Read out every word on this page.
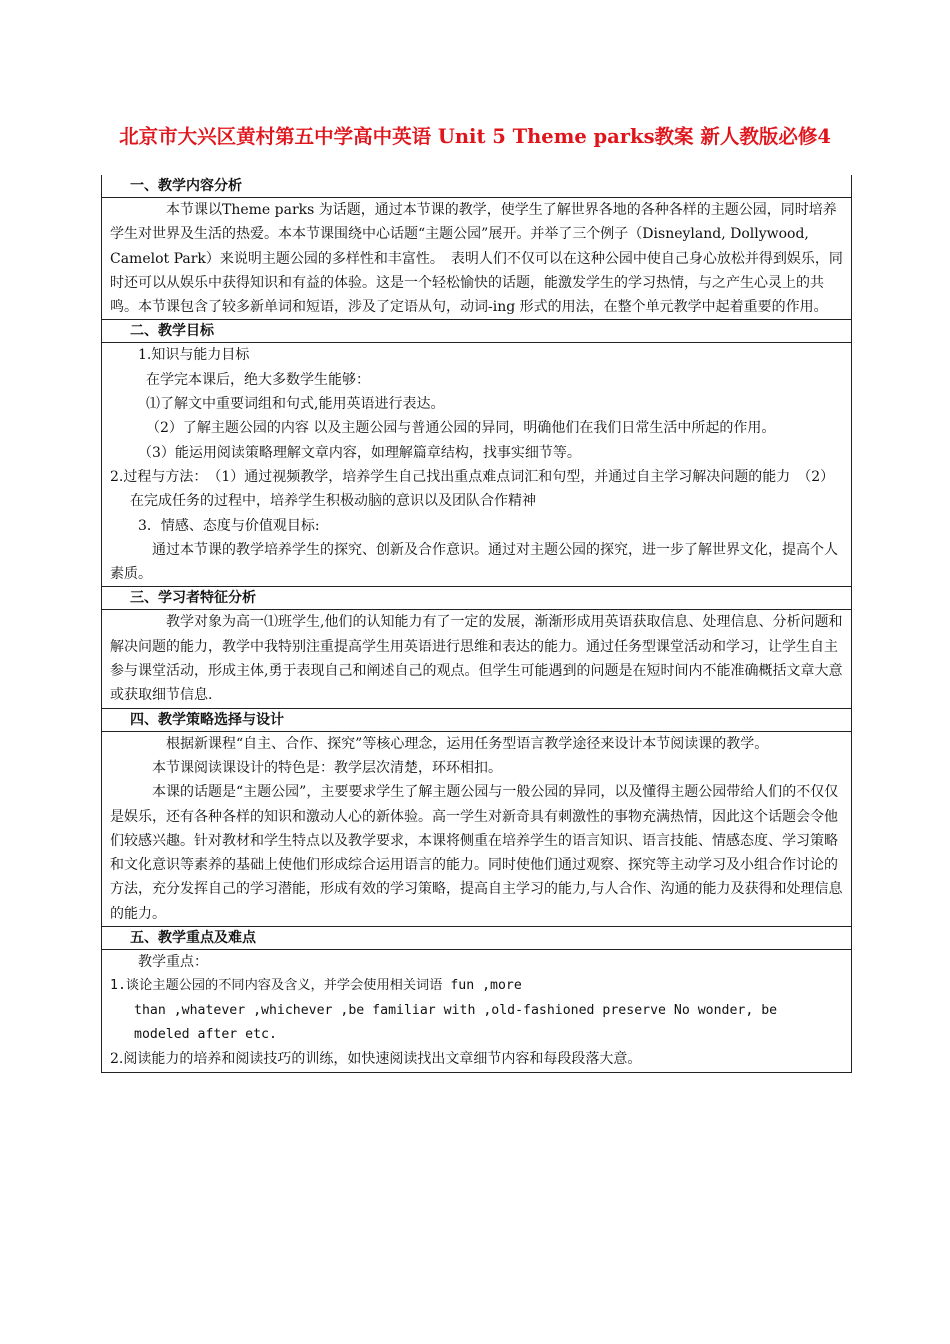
北京市大兴区黄村第五中学高中英语 Unit 5 Theme parks教案 新人教版必修4
一、教学内容分析

本节课以Theme parks 为话题，通过本节课的教学，使学生了解世界各地的各种各样的主题公园，同时培养学生对世界及生活的热爱。本本节课围绕中心话题“主题公园”展开。并举了三个例子（Disneyland, Dollywood, Camelot Park）来说明主题公园的多样性和丰富性。　表明人们不仅可以在这种公园中使自己身心放松并得到娱乐，同时还可以从娱乐中获得知识和有益的体验。这是一个轻松愉快的话题，能激发学生的学习热情，与之产生心灵上的共鸣。本节课包含了较多新单词和短语，涉及了定语从句，动词-ing 形式的用法，在整个单元教学中起着重要的作用。

二、教学目标

1.知识与能力目标

在学完本课后，绝大多数学生能够：

⑴了解文中重要词组和句式,能用英语进行表达。

（2）了解主题公园的内容 以及主题公园与普通公园的异同，明确他们在我们日常生活中所起的作用。

（3）能运用阅读策略理解文章内容，如理解篇章结构，找事实细节等。

2.过程与方法：　（1）通过视频教学，培养学生自己找出重点难点词汇和句型，并通过自主学习解决问题的能力　（2）在完成任务的过程中，培养学生积极动脑的意识以及团队合作精神

3．情感、态度与价值观目标:

通过本节课的教学培养学生的探究、创新及合作意识。通过对主题公园的探究，进一步了解世界文化，提高个人素质。

三、学习者特征分析

教学对象为高一⑴班学生,他们的认知能力有了一定的发展，渐渐形成用英语获取信息、处理信息、分析问题和解决问题的能力，教学中我特别注重提高学生用英语进行思维和表达的能力。通过任务型课堂活动和学习，让学生自主参与课堂活动，形成主体,勇于表现自己和阐述自己的观点。但学生可能遇到的问题是在短时间内不能准确概括文章大意或获取细节信息.

四、教学策略选择与设计

根据新课程“自主、合作、探究”等核心理念，运用任务型语言教学途径来设计本节阅读课的教学。

本节课阅读课设计的特色是：教学层次清楚，环环相扣。

本课的话题是“主题公园”，主要要求学生了解主题公园与一般公园的异同，以及懂得主题公园带给人们的不仅仅是娱乐，还有各种各样的知识和激动人心的新体验。高一学生对新奇具有刺激性的事物充满热情，因此这个话题会令他们较感兴趣。针对教材和学生特点以及教学要求，本课将侧重在培养学生的语言知识、语言技能、情感态度、学习策略和文化意识等素养的基础上使他们形成综合运用语言的能力。同时使他们通过观察、探究等主动学习及小组合作讨论的方法，充分发挥自己的学习潜能，形成有效的学习策略，提高自主学习的能力,与人合作、沟通的能力及获得和处理信息的能力。

五、教学重点及难点

教学重点：

1.谈论主题公园的不同内容及含义，并学会使用相关词语 fun ,more

than ,whatever ,whichever ,be familiar with ,old-fashioned preserve No wonder, be

modeled after etc.

2.阅读能力的培养和阅读技巧的训练，如快速阅读找出文章细节内容和每段段落大意。
